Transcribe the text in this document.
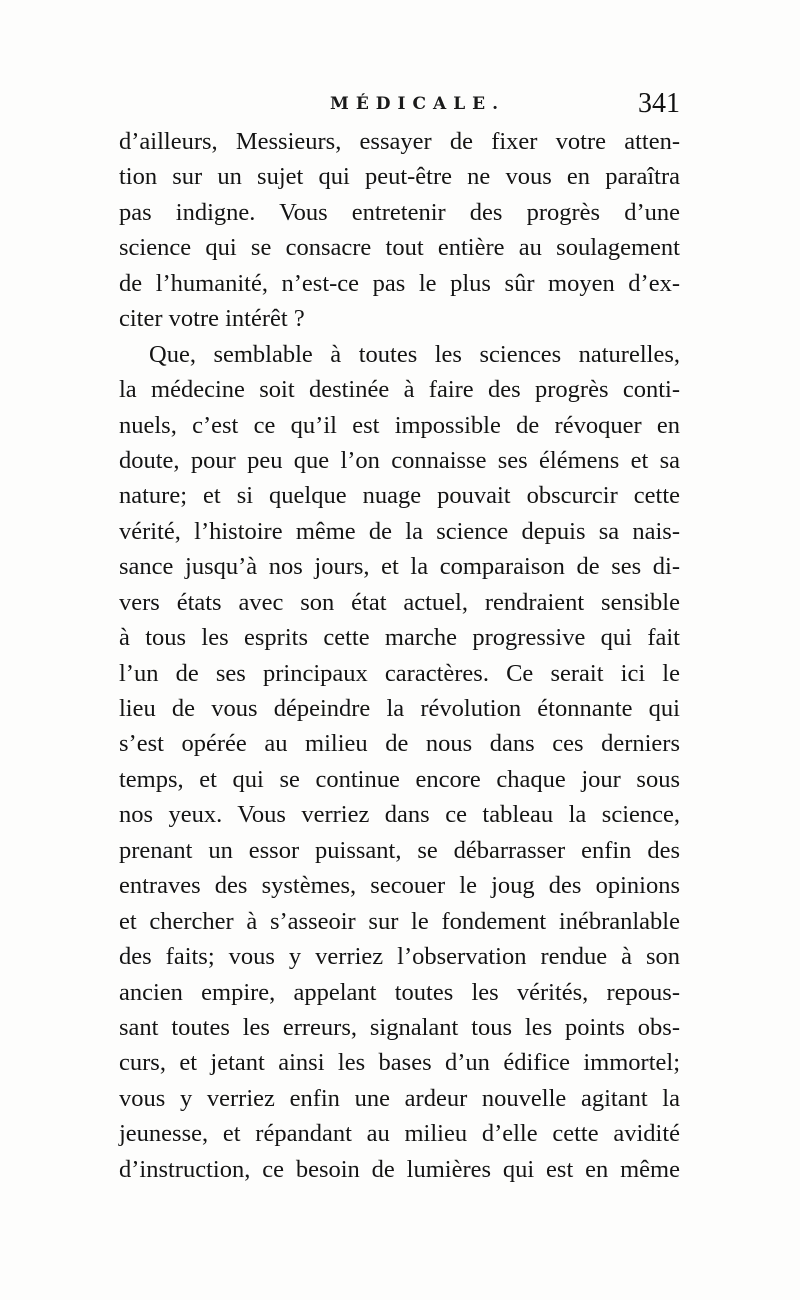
MÉDICALE.	341
d’ailleurs, Messieurs, essayer de fixer votre atten-
tion sur un sujet qui peut-être ne vous en paraîtra
pas indigne. Vous entretenir des progrès d’une
science qui se consacre tout entière au soulagement
de l’humanité, n’est-ce pas le plus sûr moyen d’ex-
citer votre intérêt ?
Que, semblable à toutes les sciences naturelles,
la médecine soit destinée à faire des progrès conti-
nuels, c’est ce qu’il est impossible de révoquer en
doute, pour peu que l’on connaisse ses élémens et sa
nature; et si quelque nuage pouvait obscurcir cette
vérité, l’histoire même de la science depuis sa nais-
sance jusqu’à nos jours, et la comparaison de ses di-
vers états avec son état actuel, rendraient sensible
à tous les esprits cette marche progressive qui fait
l’un de ses principaux caractères. Ce serait ici le
lieu de vous dépeindre la révolution étonnante qui
s’est opérée au milieu de nous dans ces derniers
temps, et qui se continue encore chaque jour sous
nos yeux. Vous verriez dans ce tableau la science,
prenant un essor puissant, se débarrasser enfin des
entraves des systèmes, secouer le joug des opinions
et chercher à s’asseoir sur le fondement inébranlable
des faits; vous y verriez l’observation rendue à son
ancien empire, appelant toutes les vérités, repous-
sant toutes les erreurs, signalant tous les points obs-
curs, et jetant ainsi les bases d’un édifice immortel;
vous y verriez enfin une ardeur nouvelle agitant la
jeunesse, et répandant au milieu d’elle cette avidité
d’instruction, ce besoin de lumières qui est en même
